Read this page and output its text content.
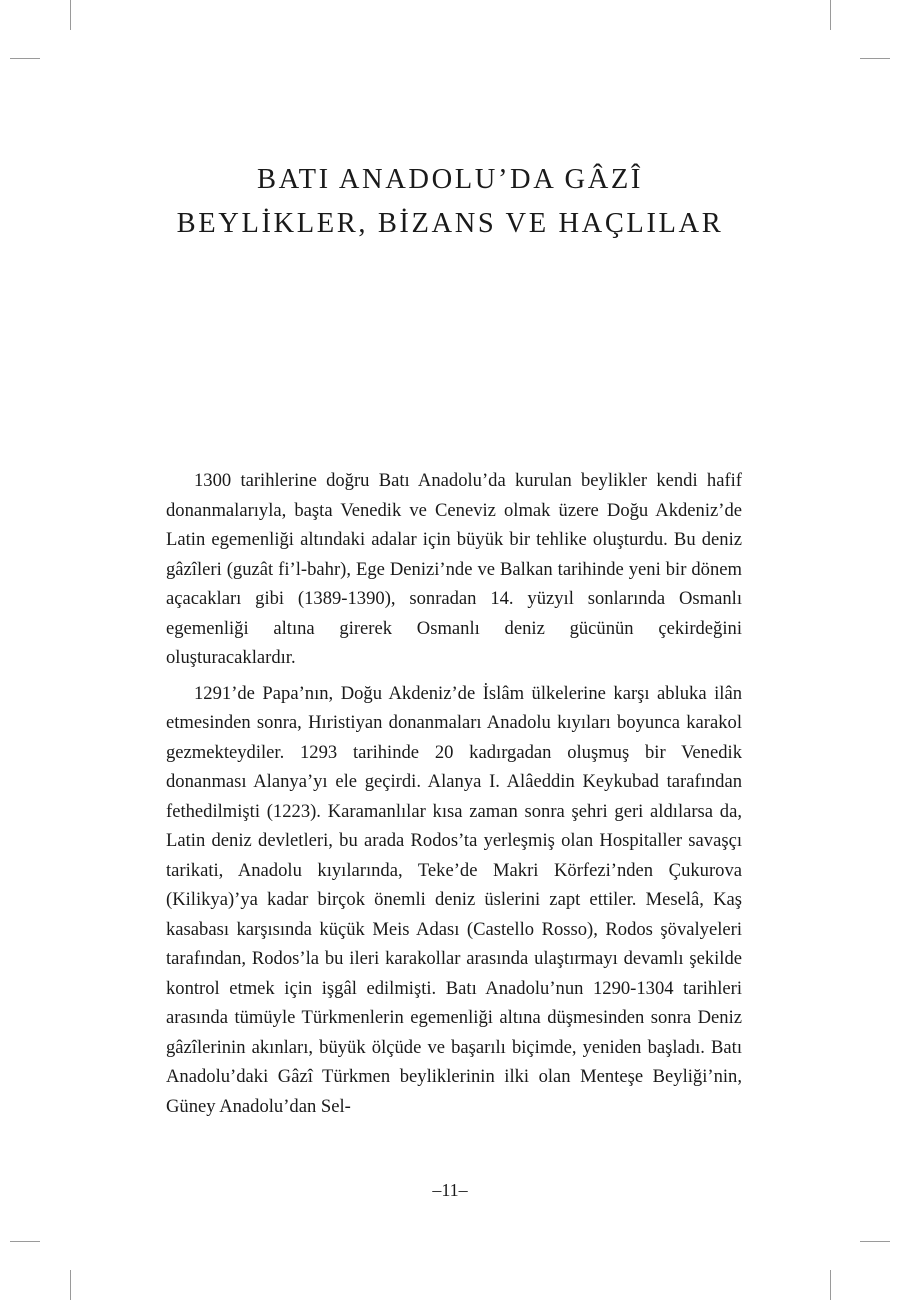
BATI ANADOLU’DA GÂZÎ
BEYLİKLER, BİZANS VE HAÇLILAR

1300 tarihlerine doğru Batı Anadolu’da kurulan beylikler kendi hafif donanmalarıyla, başta Venedik ve Ceneviz olmak üzere Doğu Akdeniz’de Latin egemenliği altındaki adalar için büyük bir tehlike oluşturdu. Bu deniz gâzîleri (guzât fi’l-bahr), Ege Denizi’nde ve Balkan tarihinde yeni bir dönem açacakları gibi (1389-1390), sonradan 14. yüzyıl sonlarında Osmanlı egemenliği altına girerek Osmanlı deniz gücünün çekirdeğini oluşturacaklardır.

1291’de Papa’nın, Doğu Akdeniz’de İslâm ülkelerine karşı abluka ilân etmesinden sonra, Hıristiyan donanmaları Anadolu kıyıları boyunca karakol gezmekteydiler. 1293 tarihinde 20 kadırgadan oluşmuş bir Venedik donanması Alanya’yı ele geçirdi. Alanya I. Alâeddin Keykubad tarafından fethedilmişti (1223). Karamanlılar kısa zaman sonra şehri geri aldılarsa da, Latin deniz devletleri, bu arada Rodos’ta yerleşmiş olan Hospitaller savaşçı tarikati, Anadolu kıyılarında, Teke’de Makri Körfezi’nden Çukurova (Kilikya)’ya kadar birçok önemli deniz üslerini zapt ettiler. Meselâ, Kaş kasabası karşısında küçük Meis Adası (Castello Rosso), Rodos şövalyeleri tarafından, Rodos’la bu ileri karakollar arasında ulaştırmayı devamlı şekilde kontrol etmek için işgâl edilmişti. Batı Anadolu’nun 1290-1304 tarihleri arasında tümüyle Türkmenlerin egemenliği altına düşmesinden sonra Deniz gâzîlerinin akınları, büyük ölçüde ve başarılı biçimde, yeniden başladı. Batı Anadolu’daki Gâzî Türkmen beyliklerinin ilki olan Menteşe Beyliği’nin, Güney Anadolu’dan Sel-

–11–
